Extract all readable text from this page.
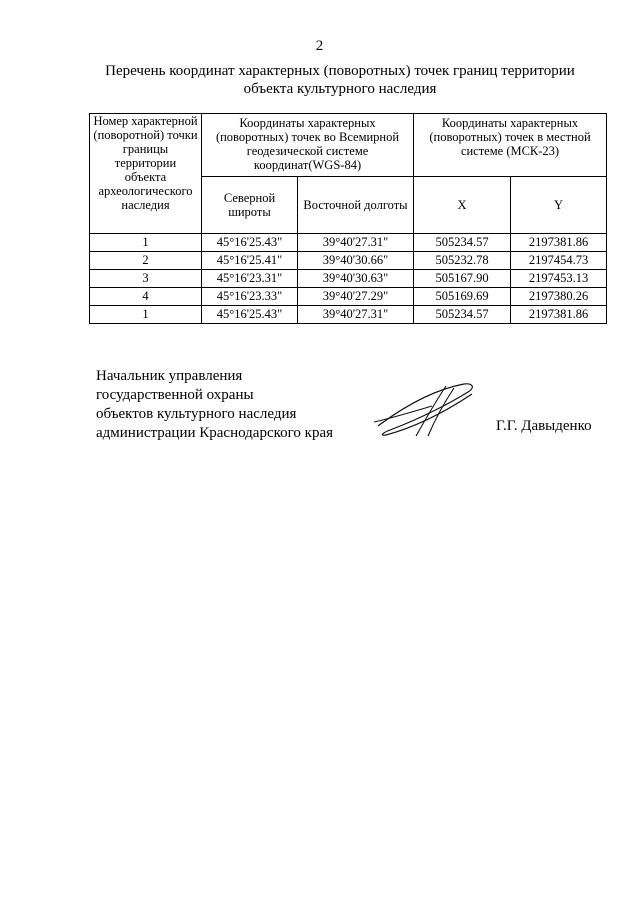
2
Перечень координат характерных (поворотных) точек границ территории
объекта культурного наследия
Номер характерной (поворотной) точки границы территории объекта археологического наследия	Координаты характерных (поворотных) точек во Всемирной геодезической системе координат(WGS-84)		Координаты характерных (поворотных) точек в местной системе (МСК-23)	
	Северной широты	Восточной долготы	X	Y
1	45°16'25.43"	39°40'27.31"	505234.57	2197381.86
2	45°16'25.41"	39°40'30.66"	505232.78	2197454.73
3	45°16'23.31"	39°40'30.63"	505167.90	2197453.13
4	45°16'23.33"	39°40'27.29"	505169.69	2197380.26
1	45°16'25.43"	39°40'27.31"	505234.57	2197381.86
Начальник управления
государственной охраны
объектов культурного наследия
администрации Краснодарского края	Г.Г. Давыденко
